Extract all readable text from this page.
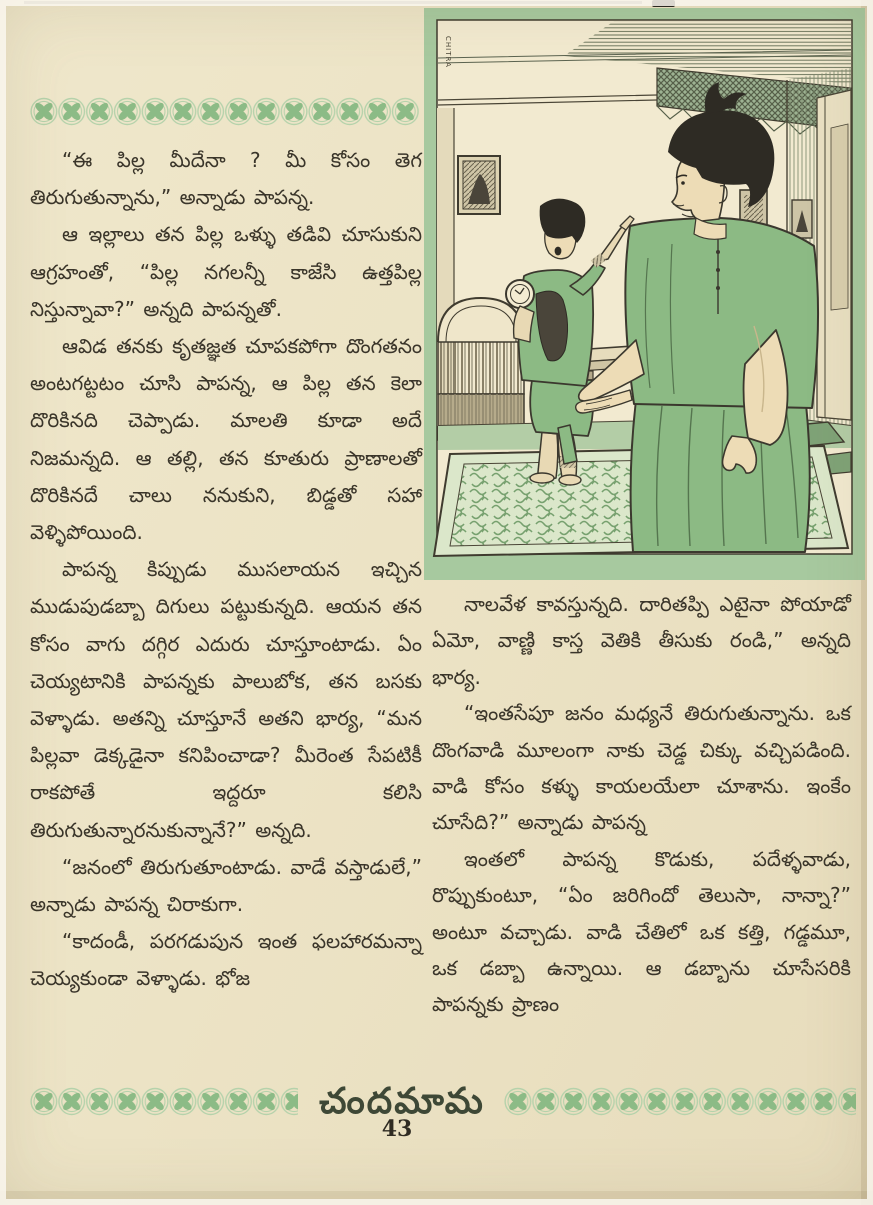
“ఈ పిల్ల మీదేనా ? మీ కోసం తెగ తిరుగుతున్నాను,” అన్నాడు పాపన్న.

ఆ ఇల్లాలు తన పిల్ల ఒళ్ళు తడివి చూసుకుని ఆగ్రహంతో, “పిల్ల నగలన్నీ కాజేసి ఉత్తపిల్ల నిస్తున్నావా?” అన్నది పాపన్నతో.

ఆవిడ తనకు కృతజ్ఞత చూపకపోగా దొంగతనం అంటగట్టటం చూసి పాపన్న, ఆ పిల్ల తన కెలా దొరికినది చెప్పాడు. మాలతి కూడా అదే నిజమన్నది. ఆ తల్లి, తన కూతురు ప్రాణాలతో దొరికినదే చాలు ననుకుని, బిడ్డతో సహా వెళ్ళిపోయింది.

పాపన్న కిప్పుడు ముసలాయన ఇచ్చిన ముడుపుడబ్బా దిగులు పట్టుకున్నది. ఆయన తన కోసం వాగు దగ్గిర ఎదురు చూస్తూంటాడు. ఏం చెయ్యటానికి పాపన్నకు పాలుబోక, తన బసకు వెళ్ళాడు. అతన్ని చూస్తూనే అతని భార్య, “మన పిల్లవా డెక్కడైనా కనిపించాడా? మీరెంత సేపటికీ రాకపోతే ఇద్దరూ కలిసి తిరుగుతున్నారనుకున్నానే?” అన్నది.

“జనంలో తిరుగుతూంటాడు. వాడే వస్తాడులే,” అన్నాడు పాపన్న చిరాకుగా.

“కాదండీ, పరగడుపున ఇంత ఫలహారమన్నా చెయ్యకుండా వెళ్ళాడు. భోజ

నాలవేళ కావస్తున్నది. దారితప్పి ఎటైనా పోయాడో ఏమో, వాణ్ణి కాస్త వెతికి తీసుకు రండి,” అన్నది భార్య.

“ఇంతసేపూ జనం మధ్యనే తిరుగుతున్నాను. ఒక దొంగవాడి మూలంగా నాకు చెడ్డ చిక్కు వచ్చిపడింది. వాడి కోసం కళ్ళు కాయలయేలా చూశాను. ఇంకేం చూసేది?” అన్నాడు పాపన్న

ఇంతలో పాపన్న కొడుకు, పదేళ్ళవాడు, రొప్పుకుంటూ, “ఏం జరిగిందో తెలుసా, నాన్నా?” అంటూ వచ్చాడు. వాడి చేతిలో ఒక కత్తి, గడ్డమూ, ఒక డబ్బా ఉన్నాయి. ఆ డబ్బాను చూసేసరికి పాపన్నకు ప్రాణం

CHITRA
చందమామ
43
